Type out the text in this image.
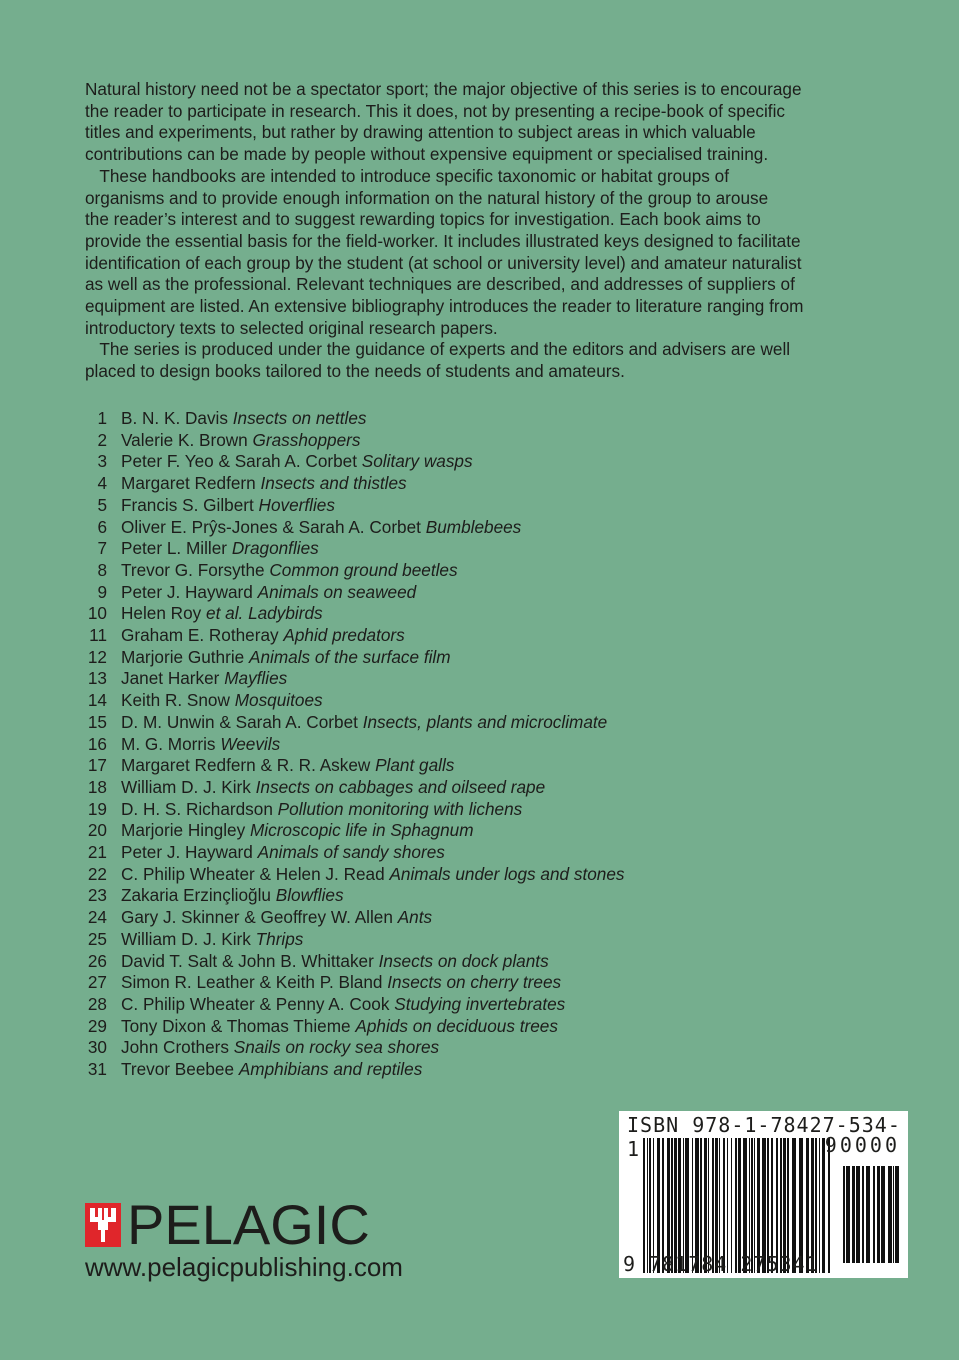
Natural history need not be a spectator sport; the major objective of this series is to encourage
the reader to participate in research. This it does, not by presenting a recipe-book of specific
titles and experiments, but rather by drawing attention to subject areas in which valuable
contributions can be made by people without expensive equipment or specialised training.
These handbooks are intended to introduce specific taxonomic or habitat groups of
organisms and to provide enough information on the natural history of the group to arouse
the reader’s interest and to suggest rewarding topics for investigation. Each book aims to
provide the essential basis for the field-worker. It includes illustrated keys designed to facilitate
identification of each group by the student (at school or university level) and amateur naturalist
as well as the professional. Relevant techniques are described, and addresses of suppliers of
equipment are listed. An extensive bibliography introduces the reader to literature ranging from
introductory texts to selected original research papers.
The series is produced under the guidance of experts and the editors and advisers are well
placed to design books tailored to the needs of students and amateurs.
1 B. N. K. Davis
Insects on nettles
2 Valerie K. Brown
Grasshoppers
3 Peter F. Yeo & Sarah A. Corbet
Solitary wasps
4 Margaret Redfern
Insects and thistles
5 Francis S. Gilbert
Hoverflies
6 Oliver E. Prŷs-Jones & Sarah A. Corbet
Bumblebees
7 Peter L. Miller
Dragonflies
8 Trevor G. Forsythe
Common ground beetles
9 Peter J. Hayward
Animals on seaweed
10 Helen Roy
et al. Ladybirds
11 Graham E. Rotheray
Aphid predators
12 Marjorie Guthrie
Animals of the surface film
13 Janet Harker
Mayflies
14 Keith R. Snow
Mosquitoes
15 D. M. Unwin & Sarah A. Corbet
Insects, plants and microclimate
16 M. G. Morris
Weevils
17 Margaret Redfern & R. R. Askew
Plant galls
18 William D. J. Kirk
Insects on cabbages and oilseed rape
19 D. H. S. Richardson
Pollution monitoring with lichens
20 Marjorie Hingley
Microscopic life in Sphagnum
21 Peter J. Hayward
Animals of sandy shores
22 C. Philip Wheater & Helen J. Read
Animals under logs and stones
23 Zakaria Erzinçlioğlu
Blowflies
24 Gary J. Skinner & Geoffrey W. Allen
Ants
25 William D. J. Kirk
Thrips
26 David T. Salt & John B. Whittaker
Insects on dock plants
27 Simon R. Leather & Keith P. Bland
Insects on cherry trees
28 C. Philip Wheater & Penny A. Cook
Studying invertebrates
29 Tony Dixon & Thomas Thieme
Aphids on deciduous trees
30 John Crothers
Snails on rocky sea shores
31 Trevor Beebee
Amphibians and reptiles
PELAGIC
www.pelagicpublishing.com
ISBN 978-1-78427-534-1	90000
9 781784 275341
